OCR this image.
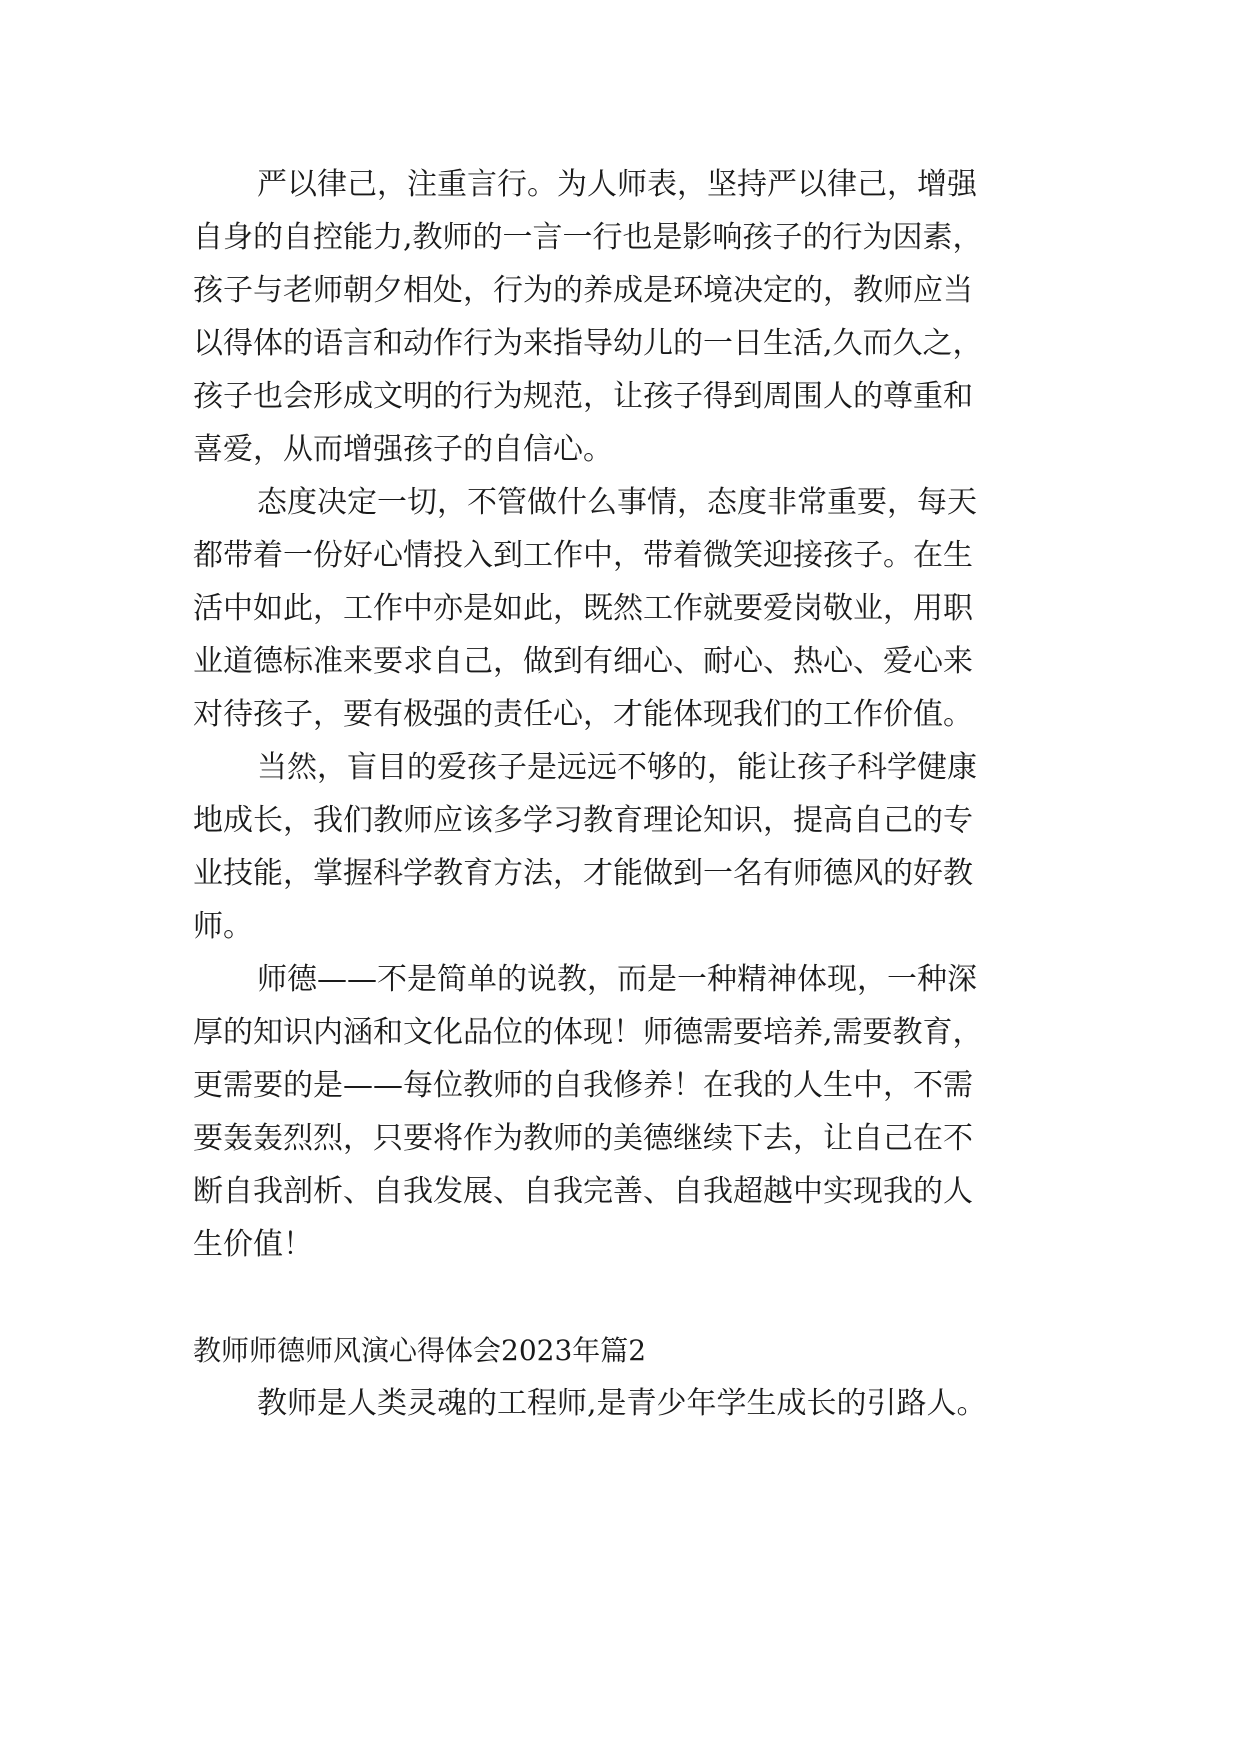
严以律己，注重言行。为人师表，坚持严以律己，增强
自身的自控能力,教师的一言一行也是影响孩子的行为因素，
孩子与老师朝夕相处，行为的养成是环境决定的，教师应当
以得体的语言和动作行为来指导幼儿的一日生活,久而久之，
孩子也会形成文明的行为规范，让孩子得到周围人的尊重和
喜爱，从而增强孩子的自信心。
态度决定一切，不管做什么事情，态度非常重要，每天
都带着一份好心情投入到工作中，带着微笑迎接孩子。在生
活中如此，工作中亦是如此，既然工作就要爱岗敬业，用职
业道德标准来要求自己，做到有细心、耐心、热心、爱心来
对待孩子，要有极强的责任心，才能体现我们的工作价值。
当然，盲目的爱孩子是远远不够的，能让孩子科学健康
地成长，我们教师应该多学习教育理论知识，提高自己的专
业技能，掌握科学教育方法，才能做到一名有师德风的好教
师。
师德——不是简单的说教，而是一种精神体现，一种深
厚的知识内涵和文化品位的体现！师德需要培养,需要教育，
更需要的是——每位教师的自我修养！在我的人生中，不需
要轰轰烈烈，只要将作为教师的美德继续下去，让自己在不
断自我剖析、自我发展、自我完善、自我超越中实现我的人
生价值！
教师师德师风演心得体会2023年篇2
教师是人类灵魂的工程师,是青少年学生成长的引路人。
